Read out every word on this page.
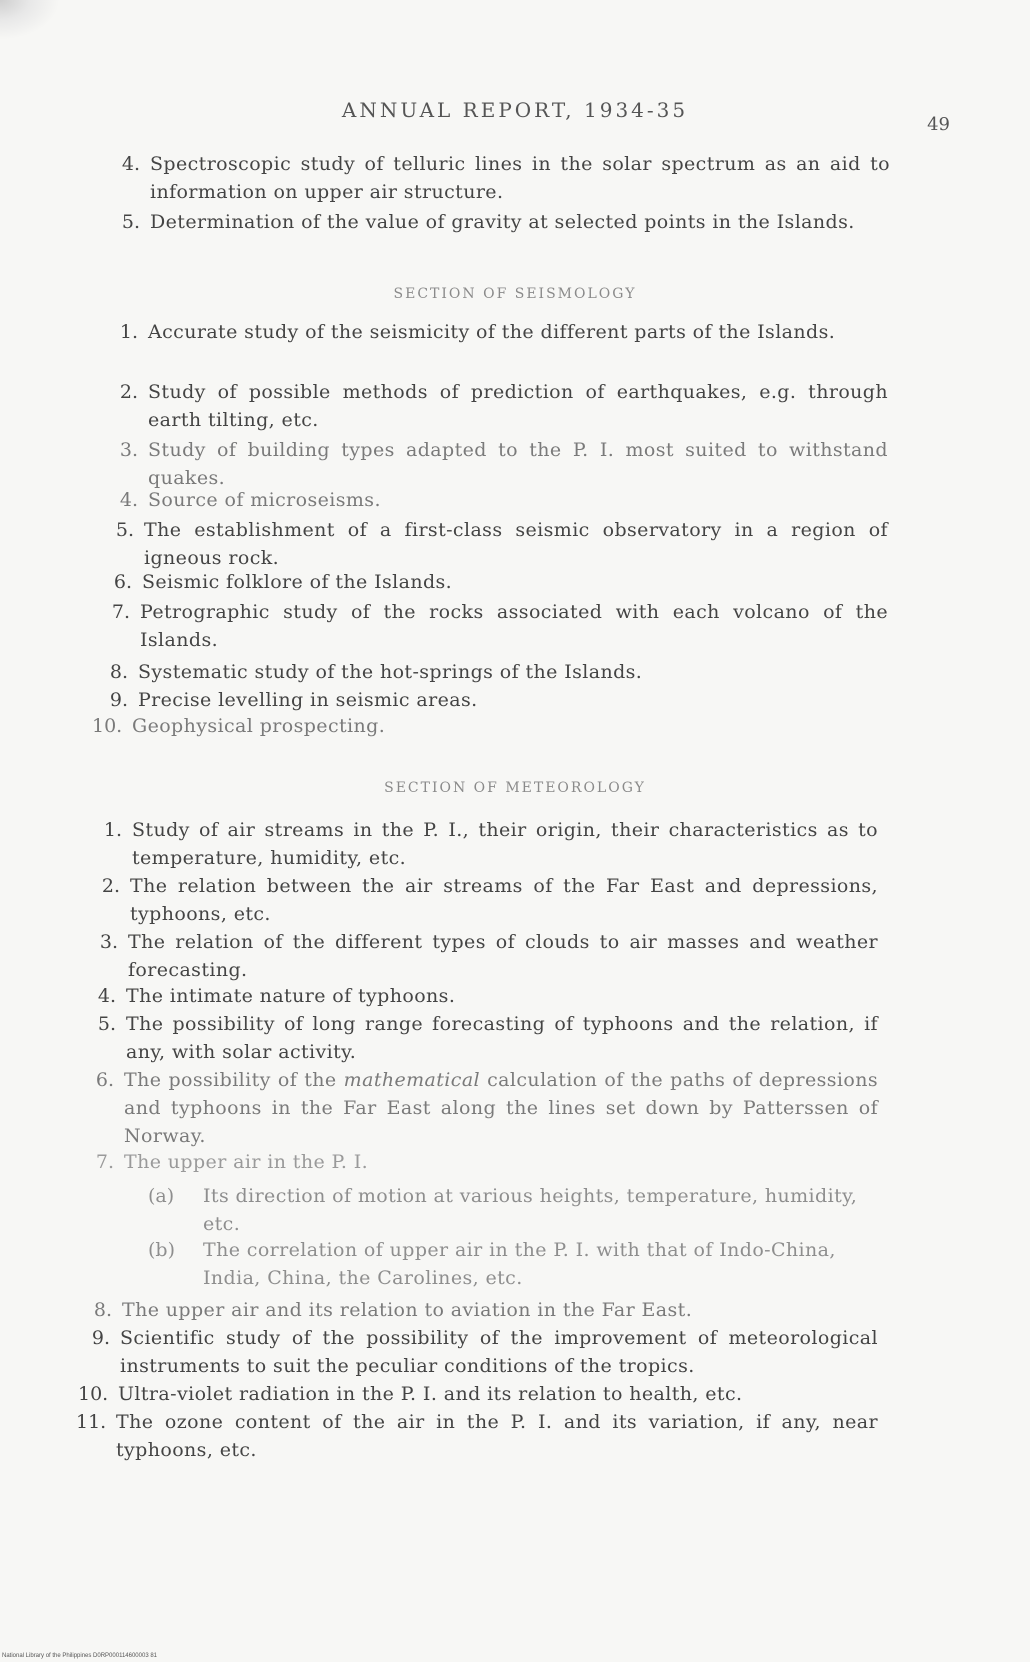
ANNUAL REPORT, 1934-35
49
4. Spectroscopic study of telluric lines in the solar spectrum as an aid to information on upper air structure.
5. Determination of the value of gravity at selected points in the Islands.
SECTION OF SEISMOLOGY
1. Accurate study of the seismicity of the different parts of the Islands.
2. Study of possible methods of prediction of earthquakes, e.g. through earth tilting, etc.
3. Study of building types adapted to the P. I. most suited to withstand quakes.
4. Source of microseisms.
5. The establishment of a first-class seismic observatory in a region of igneous rock.
6. Seismic folklore of the Islands.
7. Petrographic study of the rocks associated with each volcano of the Islands.
8. Systematic study of the hot-springs of the Islands.
9. Precise levelling in seismic areas.
10. Geophysical prospecting.
SECTION OF METEOROLOGY
1. Study of air streams in the P. I., their origin, their characteristics as to temperature, humidity, etc.
2. The relation between the air streams of the Far East and depressions, typhoons, etc.
3. The relation of the different types of clouds to air masses and weather forecasting.
4. The intimate nature of typhoons.
5. The possibility of long range forecasting of typhoons and the relation, if any, with solar activity.
6. The possibility of the mathematical calculation of the paths of depressions and typhoons in the Far East along the lines set down by Patterssen of Norway.
7. The upper air in the P. I.
(a) Its direction of motion at various heights, temperature, humidity, etc.
(b) The correlation of upper air in the P. I. with that of Indo-China, India, China, the Carolines, etc.
8. The upper air and its relation to aviation in the Far East.
9. Scientific study of the possibility of the improvement of meteorological instruments to suit the peculiar conditions of the tropics.
10. Ultra-violet radiation in the P. I. and its relation to health, etc.
11. The ozone content of the air in the P. I. and its variation, if any, near typhoons, etc.
National Library of the Philippines D0RP000114600003 81
